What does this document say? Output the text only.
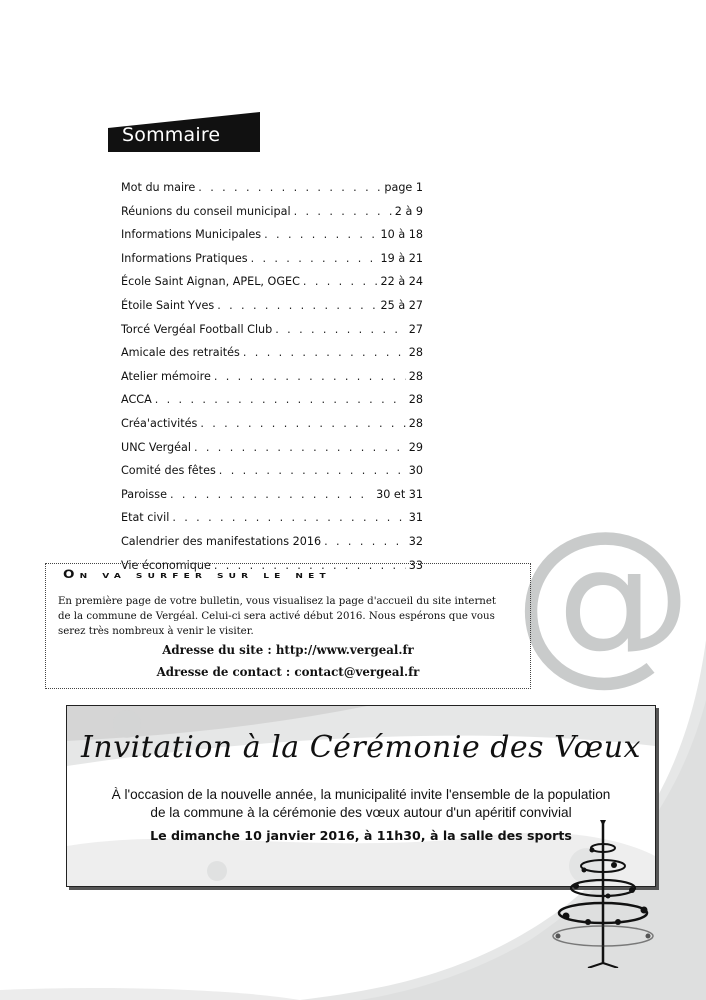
Sommaire
Mot du maire . . .	page 1
Réunions du conseil municipal . . .	2 à 9
Informations Municipales . . .	10 à 18
Informations Pratiques . . .	19 à 21
École Saint Aignan, APEL, OGEC . . .	22 à 24
Étoile Saint Yves . . .	25 à 27
Torcé Vergéal Football Club . . .	27
Amicale des retraités . . .	28
Atelier mémoire . . .	28
ACCA . . .	28
Créa'activités . . .	28
UNC Vergéal . . .	29
Comité des fêtes . . .	30
Paroisse . . .	30 et 31
Etat civil . . .	31
Calendrier des manifestations 2016 . . .	32
Vie économique . . .	33 @
On va surfer sur le net
En première page de votre bulletin, vous visualisez la page d'accueil du site internet de la commune de Vergéal. Celui-ci sera activé début 2016. Nous espérons que vous serez très nombreux à venir le visiter.
Adresse du site : http://www.vergeal.fr
Adresse de contact : contact@vergeal.fr
Invitation à la Cérémonie des Vœux
À l'occasion de la nouvelle année, la municipalité invite l'ensemble de la population
de la commune à la cérémonie des vœux autour d'un apéritif convivial
Le dimanche 10 janvier 2016, à 11h30, à la salle des sports
